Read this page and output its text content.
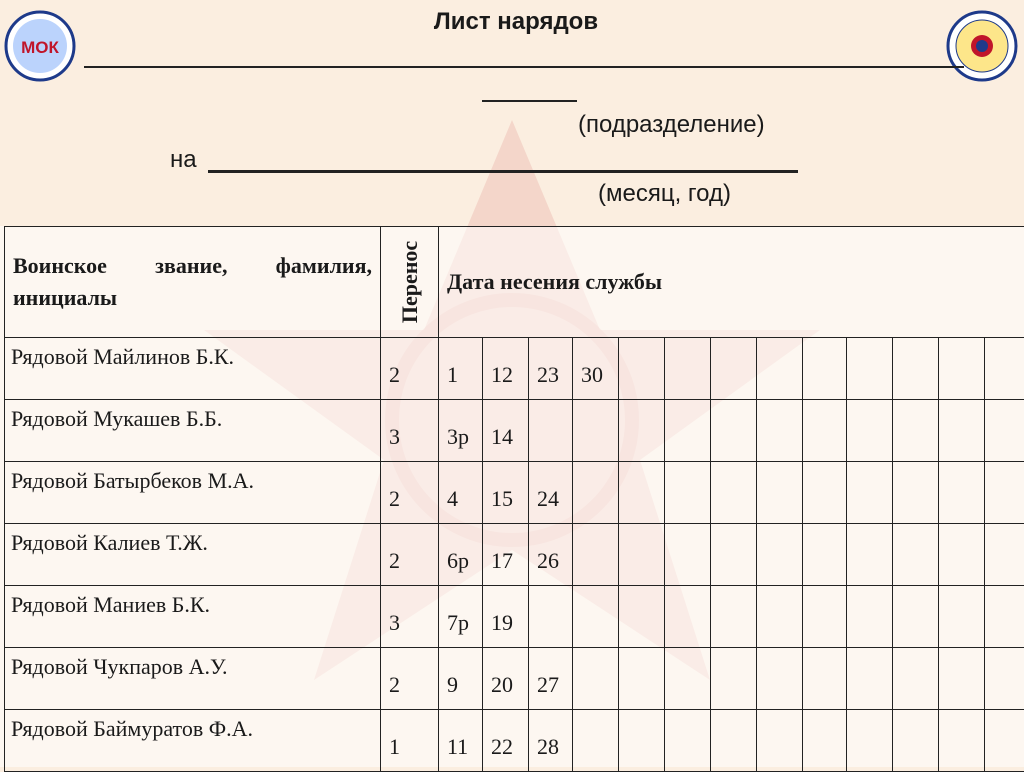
МОК
Лист нарядов
(подразделение)
на
(месяц, год)
Воинское звание, фамилия,
инициалы	Перенос	Дата несения службы														
Рядовой Майлинов Б.К.	2	1	12	23	30											
Рядовой Мукашев Б.Б.	3	3р	14													
Рядовой Батырбеков М.А.	2	4	15	24												
Рядовой Калиев Т.Ж.	2	6р	17	26												
Рядовой Маниев Б.К.	3	7р	19													
Рядовой Чукпаров А.У.	2	9	20	27												
Рядовой Баймуратов Ф.А.	1	11	22	28												
